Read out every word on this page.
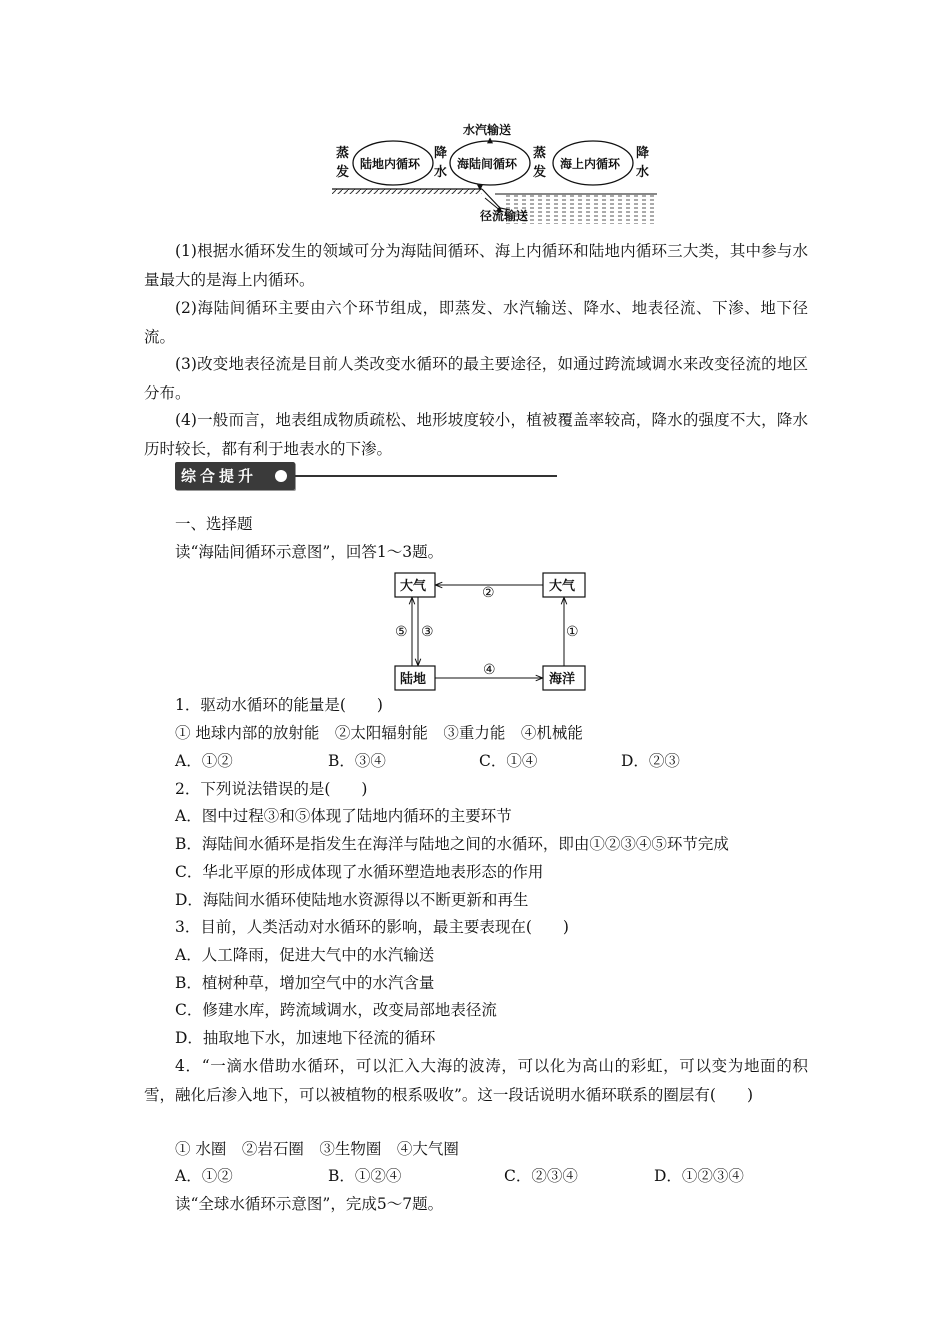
水汽输送
陆地内循环	海陆间循环	海上内循环
蒸
发
降
水
蒸
发
降
水
径流输送

(1)根据水循环发生的领域可分为海陆间循环、海上内循环和陆地内循环三大类，其中参与水量最大的是海上内循环。

(2)海陆间循环主要由六个环节组成，即蒸发、水汽输送、降水、地表径流、下渗、地下径流。

(3)改变地表径流是目前人类改变水循环的最主要途径，如通过跨流域调水来改变径流的地区分布。

(4)一般而言，地表组成物质疏松、地形坡度较小，植被覆盖率较高，降水的强度不大，降水历时较长，都有利于地表水的下渗。

综合提升

一、选择题

读“海陆间循环示意图”，回答1～3题。

大气	大气
陆地	海洋
②
④
①
⑤ ③

1．驱动水循环的能量是(　　)

① 地球内部的放射能　②太阳辐射能　③重力能　④机械能

A．①②	B．③④	C．①④	D．②③

2．下列说法错误的是(　　)

A．图中过程③和⑤体现了陆地内循环的主要环节

B．海陆间水循环是指发生在海洋与陆地之间的水循环，即由①②③④⑤环节完成

C．华北平原的形成体现了水循环塑造地表形态的作用

D．海陆间水循环使陆地水资源得以不断更新和再生

3．目前，人类活动对水循环的影响，最主要表现在(　　)

A．人工降雨，促进大气中的水汽输送

B．植树种草，增加空气中的水汽含量

C．修建水库，跨流域调水，改变局部地表径流

D．抽取地下水，加速地下径流的循环

4．“一滴水借助水循环，可以汇入大海的波涛，可以化为高山的彩虹，可以变为地面的积雪，融化后渗入地下，可以被植物的根系吸收”。这一段话说明水循环联系的圈层有(　　)

① 水圈　②岩石圈　③生物圈　④大气圈

A．①②	B．①②④	C．②③④	D．①②③④

读“全球水循环示意图”，完成5～7题。
